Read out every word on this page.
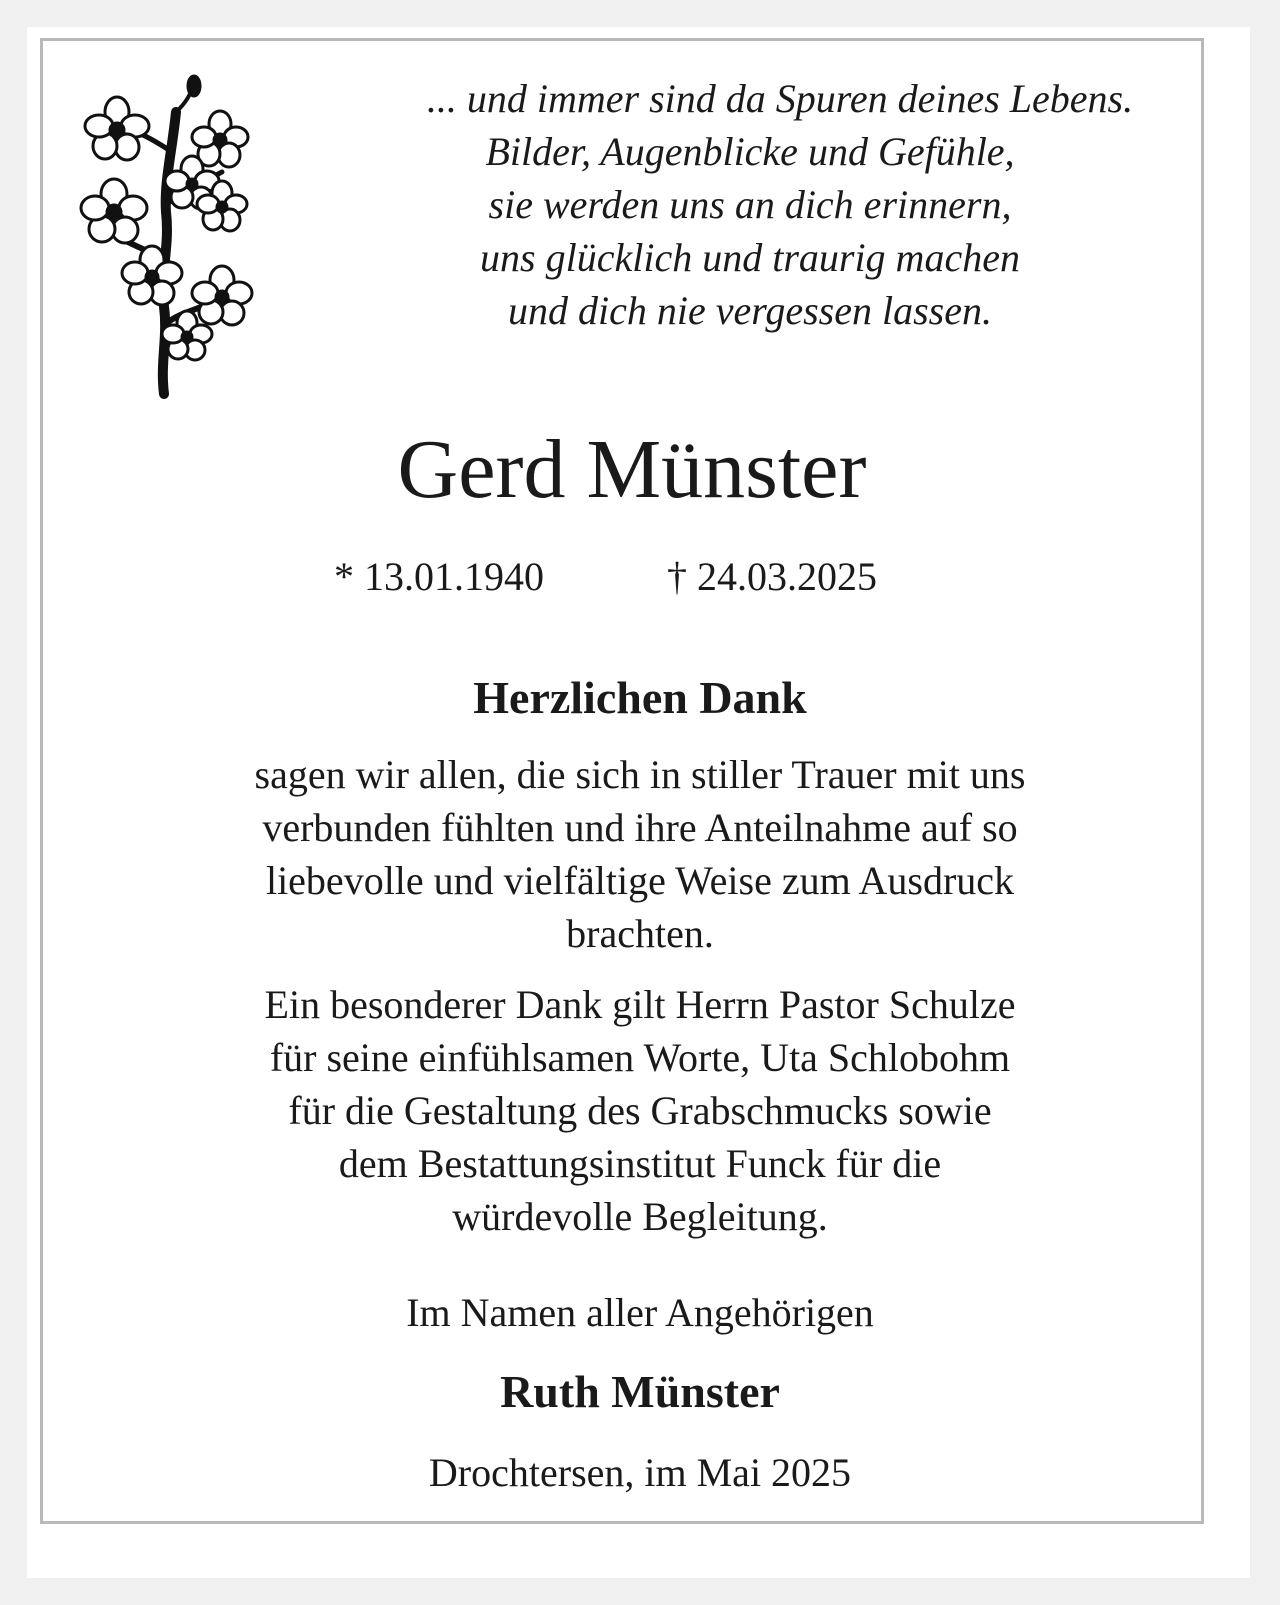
... und immer sind da Spuren deines Lebens.
Bilder, Augenblicke und Gefühle,
sie werden uns an dich erinnern,
uns glücklich und traurig machen
und dich nie vergessen lassen.
Gerd Münster
* 13.01.1940	† 24.03.2025
Herzlichen Dank
sagen wir allen, die sich in stiller Trauer mit uns
verbunden fühlten und ihre Anteilnahme auf so
liebevolle und vielfältige Weise zum Ausdruck
brachten.
Ein besonderer Dank gilt Herrn Pastor Schulze
für seine einfühlsamen Worte, Uta Schlobohm
für die Gestaltung des Grabschmucks sowie
dem Bestattungsinstitut Funck für die
würdevolle Begleitung.
Im Namen aller Angehörigen
Ruth Münster
Drochtersen, im Mai 2025
